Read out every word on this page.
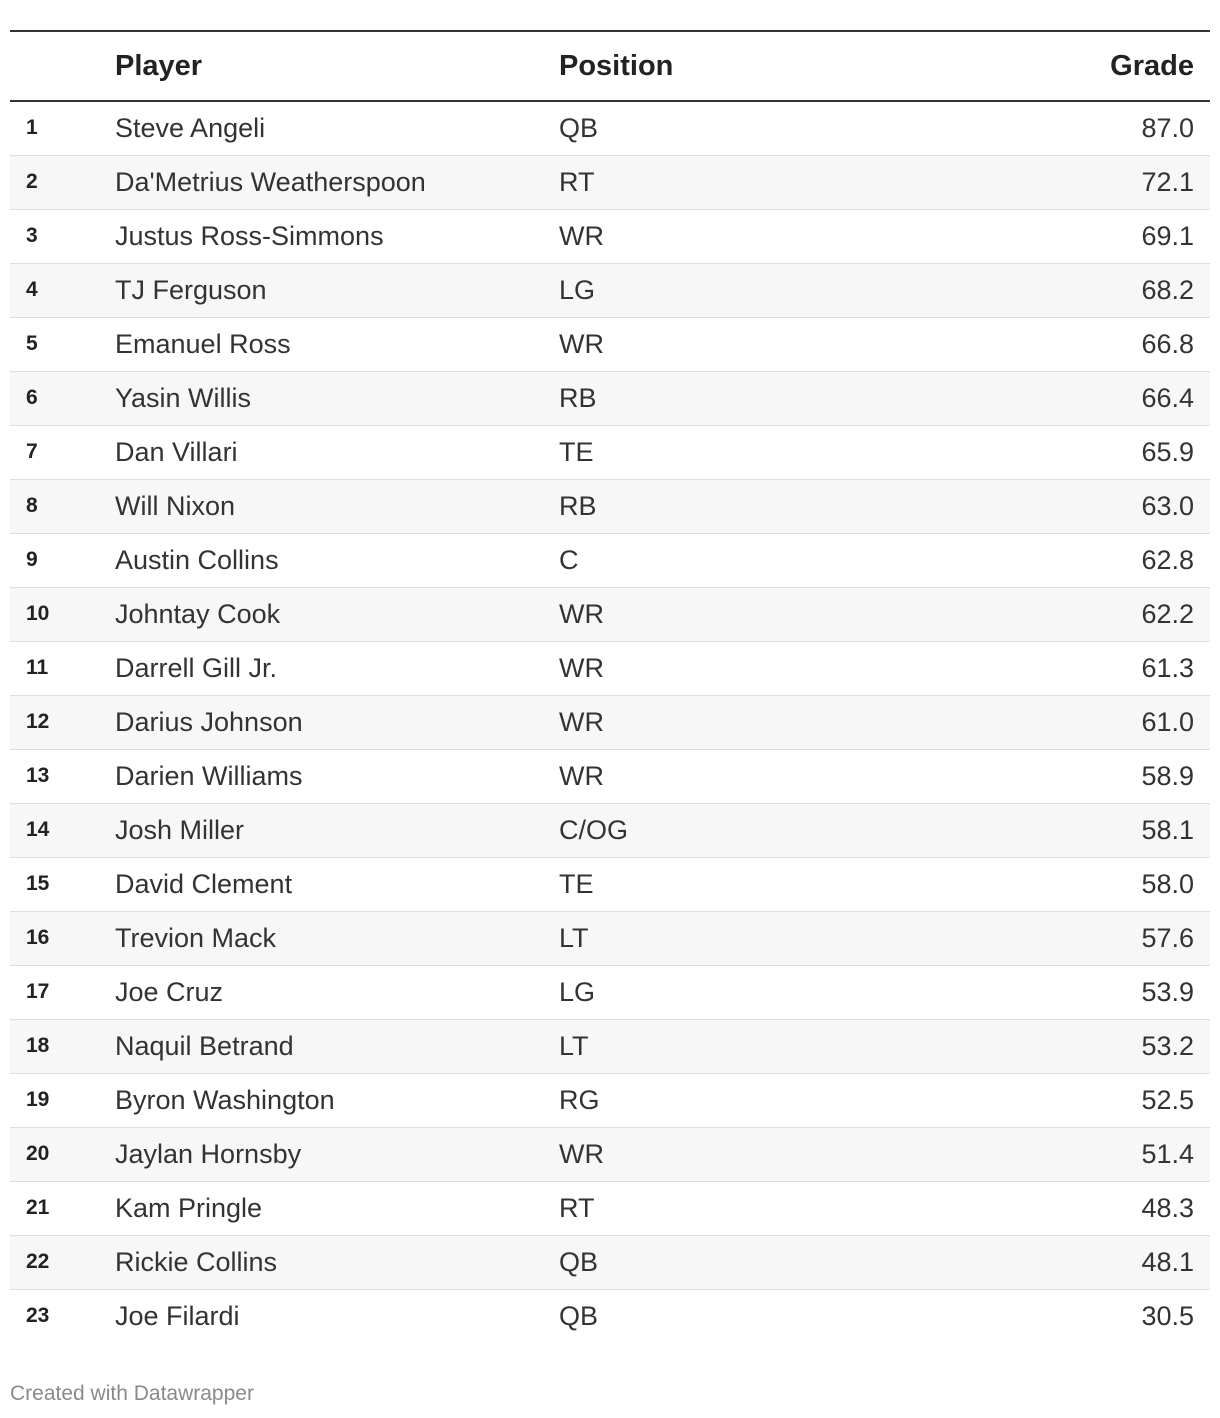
	Player	Position	Grade
1	Steve Angeli	QB	87.0
2	Da'Metrius Weatherspoon	RT	72.1
3	Justus Ross-Simmons	WR	69.1
4	TJ Ferguson	LG	68.2
5	Emanuel Ross	WR	66.8
6	Yasin Willis	RB	66.4
7	Dan Villari	TE	65.9
8	Will Nixon	RB	63.0
9	Austin Collins	C	62.8
10	Johntay Cook	WR	62.2
11	Darrell Gill Jr.	WR	61.3
12	Darius Johnson	WR	61.0
13	Darien Williams	WR	58.9
14	Josh Miller	C/OG	58.1
15	David Clement	TE	58.0
16	Trevion Mack	LT	57.6
17	Joe Cruz	LG	53.9
18	Naquil Betrand	LT	53.2
19	Byron Washington	RG	52.5
20	Jaylan Hornsby	WR	51.4
21	Kam Pringle	RT	48.3
22	Rickie Collins	QB	48.1
23	Joe Filardi	QB	30.5
Created with Datawrapper
